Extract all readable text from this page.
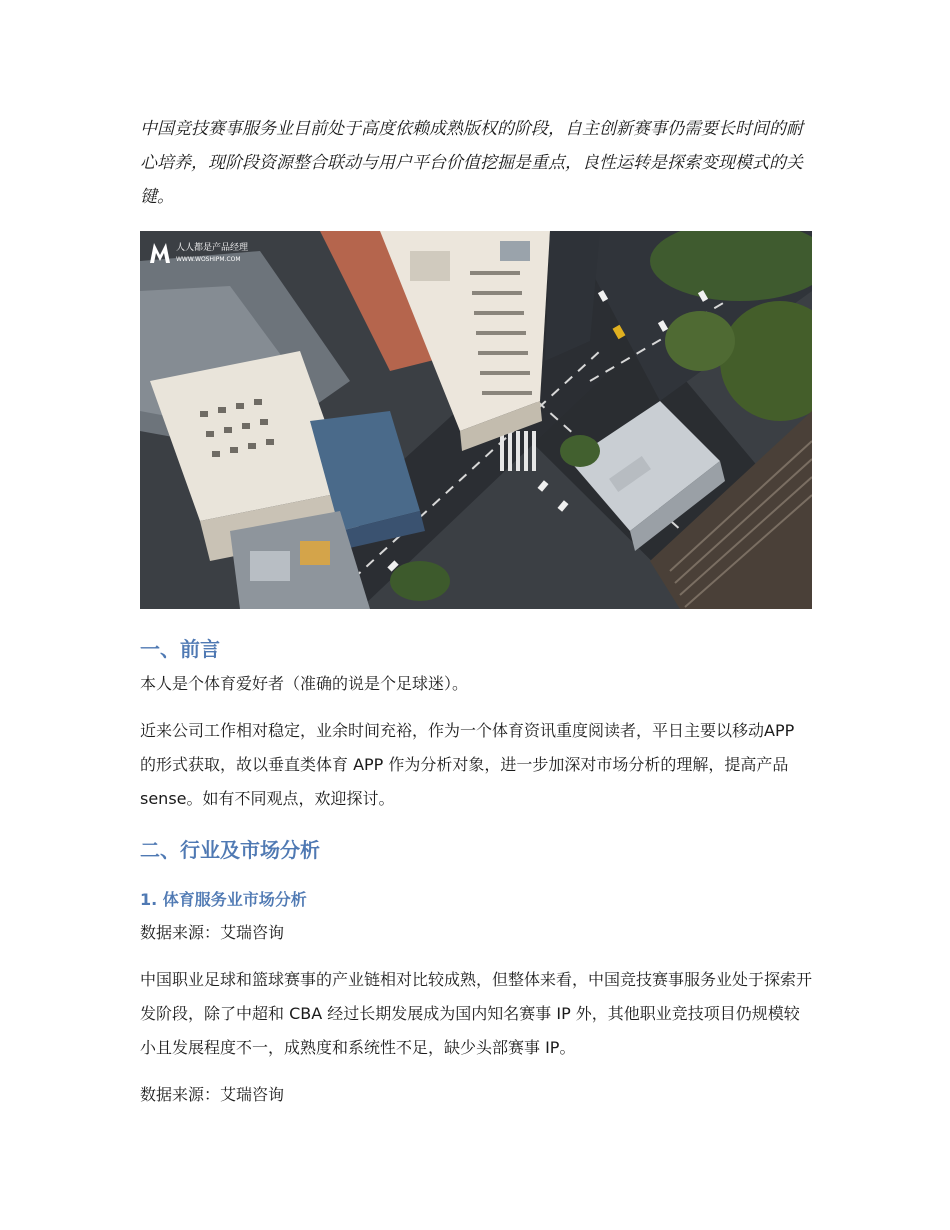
中国竞技赛事服务业目前处于高度依赖成熟版权的阶段，自主创新赛事仍需要长时间的耐心培养，现阶段资源整合联动与用户平台价值挖掘是重点，良性运转是探索变现模式的关键。

人人都是产品经理
WWW.WOSHIPM.COM
一、前言

本人是个体育爱好者（准确的说是个足球迷）。

近来公司工作相对稳定，业余时间充裕，作为一个体育资讯重度阅读者，平日主要以移动APP 的形式获取，故以垂直类体育 APP 作为分析对象，进一步加深对市场分析的理解，提高产品 sense。如有不同观点，欢迎探讨。

二、行业及市场分析
1. 体育服务业市场分析

数据来源：艾瑞咨询

中国职业足球和篮球赛事的产业链相对比较成熟，但整体来看，中国竞技赛事服务业处于探索开发阶段，除了中超和 CBA 经过长期发展成为国内知名赛事 IP 外，其他职业竞技项目仍规模较小且发展程度不一，成熟度和系统性不足，缺少头部赛事 IP。

数据来源：艾瑞咨询
